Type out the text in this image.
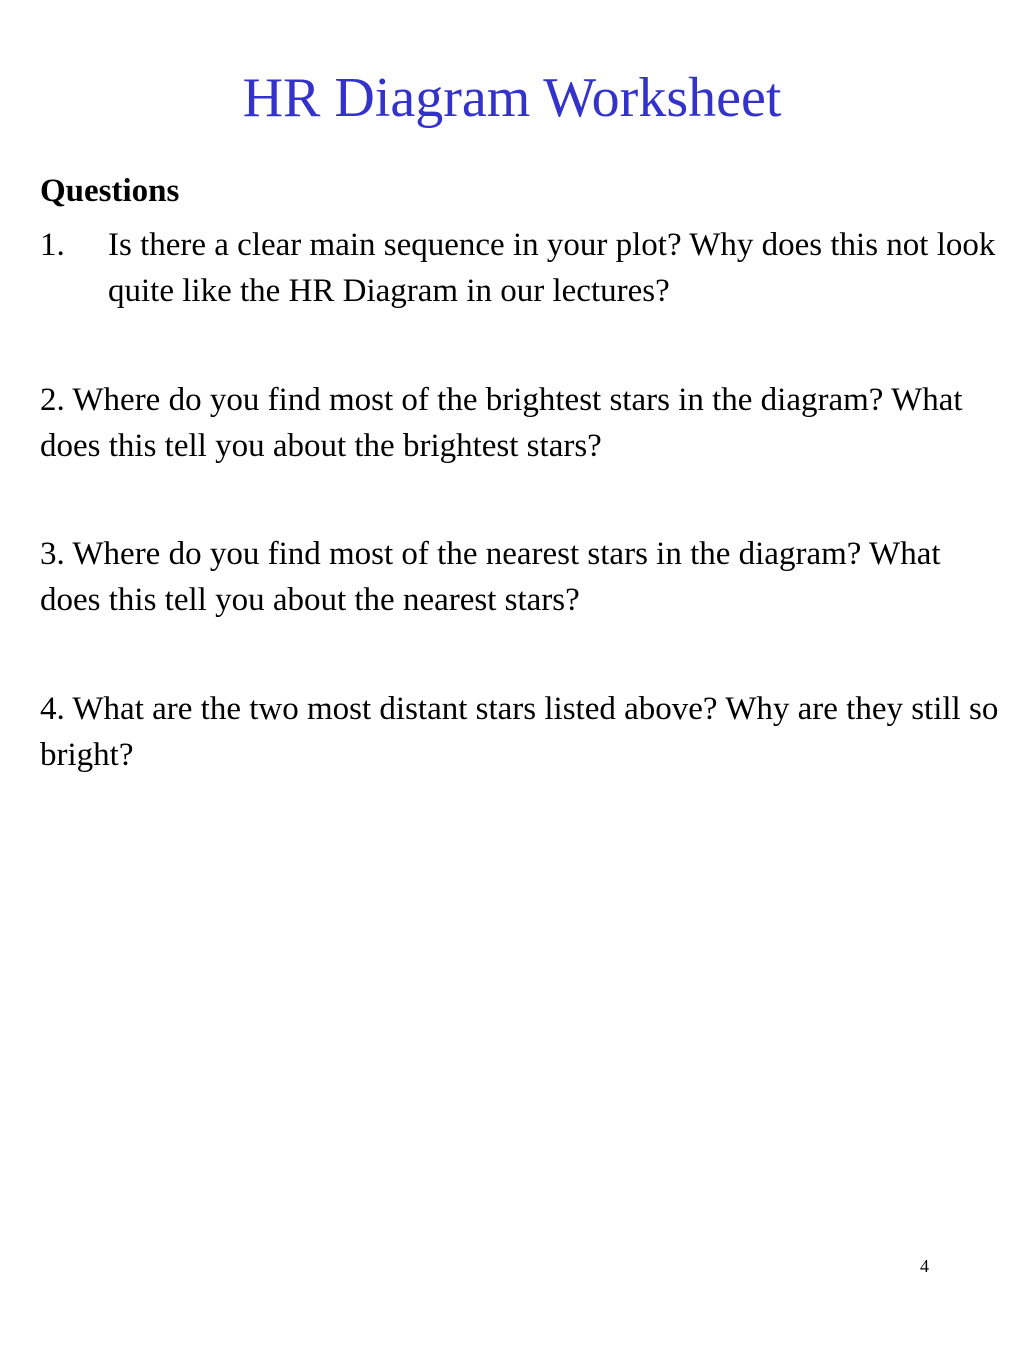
HR Diagram Worksheet
Questions
1.	Is there a clear main sequence in your plot? Why does this not look quite like the HR Diagram in our lectures?
2. Where do you find most of the brightest stars in the diagram? What does this tell you about the brightest stars?
3. Where do you find most of the nearest stars in the diagram? What does this tell you about the nearest stars?
4. What are the two most distant stars listed above? Why are they still so bright?
4
